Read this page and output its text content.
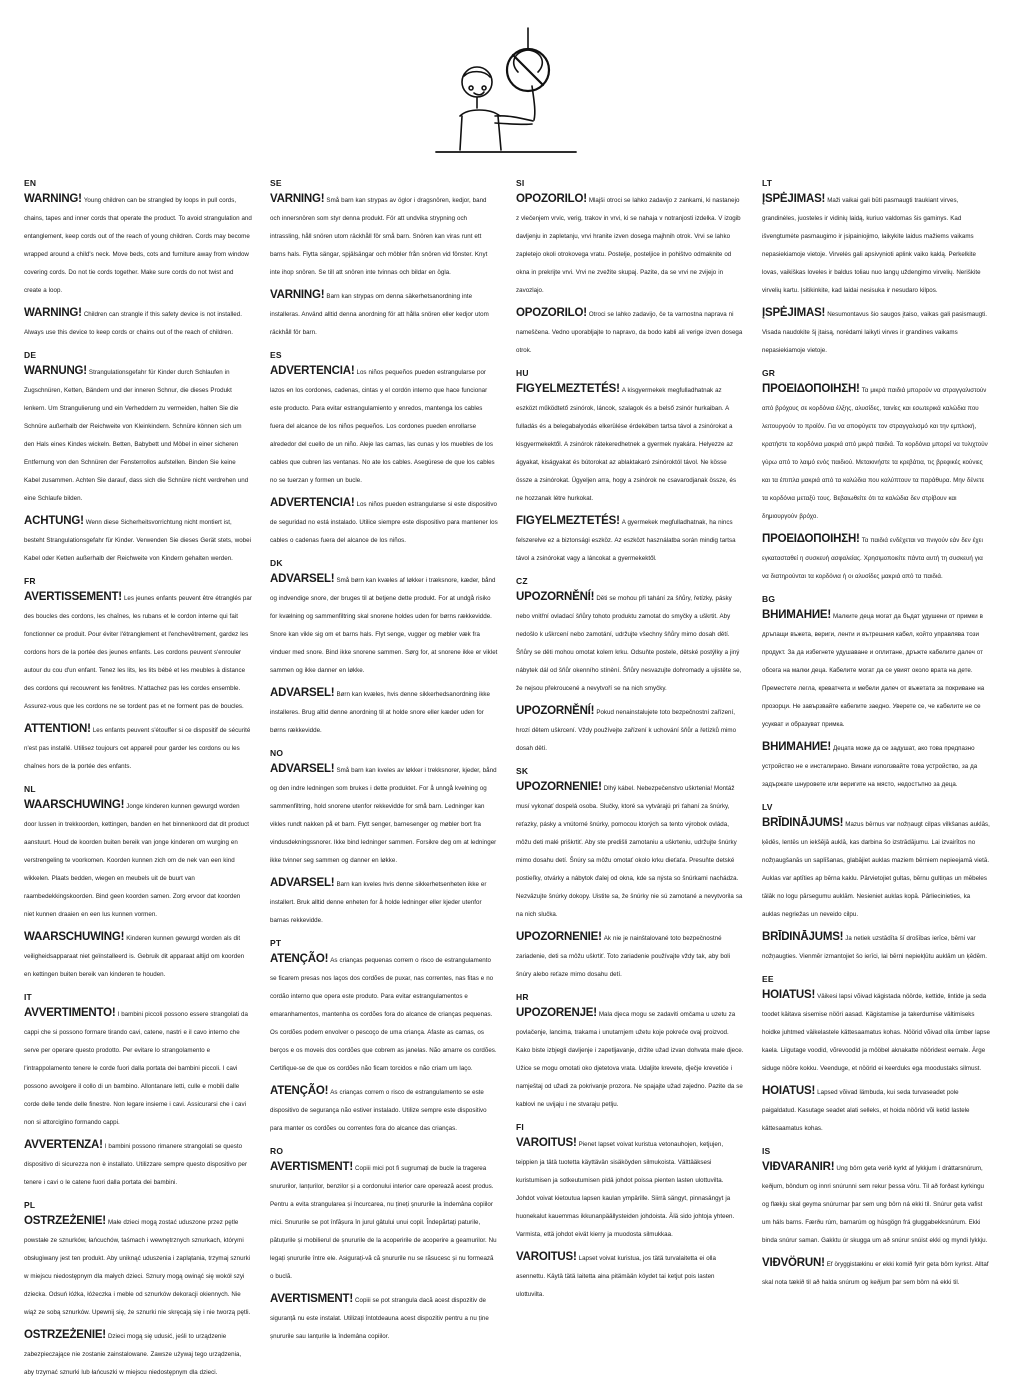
EN
WARNING! Young children can be strangled by loops in pull cords, chains, tapes and inner cords that operate the product. To avoid strangulation and entanglement, keep cords out of the reach of young children. Cords may become wrapped around a child's neck. Move beds, cots and furniture away from window covering cords. Do not tie cords together. Make sure cords do not twist and create a loop.
WARNING! Children can strangle if this safety device is not installed. Always use this device to keep cords or chains out of the reach of children.
DE
WARNUNG! Strangulationsgefahr für Kinder durch Schlaufen in Zugschnüren, Ketten, Bändern und der inneren Schnur, die dieses Produkt lenkern. Um Strangulierung und ein Verheddern zu vermeiden, halten Sie die Schnüre außerhalb der Reichweite von Kleinkindern. Schnüre können sich um den Hals eines Kindes wickeln. Betten, Babybett und Möbel in einer sicheren Entfernung von den Schnüren der Fensterrollos aufstellen. Binden Sie keine Kabel zusammen. Achten Sie darauf, dass sich die Schnüre nicht verdrehen und eine Schlaufe bilden.
ACHTUNG! Wenn diese Sicherheitsvorrichtung nicht montiert ist, besteht Strangulationsgefahr für Kinder. Verwenden Sie dieses Gerät stets, wobei Kabel oder Ketten außerhalb der Reichweite von Kindern gehalten werden.
FR
AVERTISSEMENT! Les jeunes enfants peuvent être étranglés par des boucles des cordons, les chaînes, les rubans et le cordon interne qui fait fonctionner ce produit. Pour éviter l'étranglement et l'enchevêtrement, gardez les cordons hors de la portée des jeunes enfants. Les cordons peuvent s'enrouler autour du cou d'un enfant. Tenez les lits, les lits bébé et les meubles à distance des cordons qui recouvrent les fenêtres. N'attachez pas les cordes ensemble. Assurez-vous que les cordons ne se tordent pas et ne forment pas de boucles.
ATTENTION! Les enfants peuvent s'étouffer si ce dispositif de sécurité n'est pas installé. Utilisez toujours cet appareil pour garder les cordons ou les chaînes hors de la portée des enfants.
NL
WAARSCHUWING! Jonge kinderen kunnen gewurgd worden door lussen in trekkoorden, kettingen, banden en het binnenkoord dat dit product aanstuurt. Houd de koorden buiten bereik van jonge kinderen om wurging en verstrengeling te voorkomen. Koorden kunnen zich om de nek van een kind wikkelen. Plaats bedden, wiegen en meubels uit de buurt van raambedekkingskoorden. Bind geen koorden samen. Zorg ervoor dat koorden niet kunnen draaien en een lus kunnen vormen.
WAARSCHUWING! Kinderen kunnen gewurgd worden als dit veiligheidsapparaat niet geïnstalleerd is. Gebruik dit apparaat altijd om koorden en kettingen buiten bereik van kinderen te houden.
IT
AVVERTIMENTO! I bambini piccoli possono essere strangolati da cappi che si possono formare tirando cavi, catene, nastri e il cavo interno che serve per operare questo prodotto. Per evitare lo strangolamento e l'intrappolamento tenere le corde fuori dalla portata dei bambini piccoli. I cavi possono avvolgere il collo di un bambino. Allontanare letti, culle e mobili dalle corde delle tende delle finestre. Non legare insieme i cavi. Assicurarsi che i cavi non si attorciglino formando cappi.
AVVERTENZA! I bambini possono rimanere strangolati se questo dispositivo di sicurezza non è installato. Utilizzare sempre questo dispositivo per tenere i cavi o le catene fuori dalla portata dei bambini.
PL
OSTRZEŻENIE! Małe dzieci mogą zostać uduszone przez pętle powstałe ze sznurków, łańcuchów, taśmach i wewnętrznych sznurkach, którymi obsługiwany jest ten produkt. Aby uniknąć uduszenia i zaplątania, trzymaj sznurki w miejscu niedostępnym dla małych dzieci. Sznury mogą owinąć się wokół szyi dziecka. Odsuń łóżka, łóżeczka i meble od sznurków dekoracji okiennych. Nie wiąż ze sobą sznurków. Upewnij się, że sznurki nie skręcają się i nie tworzą pętli.
OSTRZEŻENIE! Dzieci mogą się udusić, jeśli to urządzenie zabezpieczające nie zostanie zainstalowane. Zawsze używaj tego urządzenia, aby trzymać sznurki lub łańcuszki w miejscu niedostępnym dla dzieci.
SE
VARNING! Små barn kan strypas av öglor i dragsnören, kedjor, band och innersnören som styr denna produkt. För att undvika strypning och intrassling, håll snören utom räckhåll för små barn. Snören kan viras runt ett barns hals. Flytta sängar, spjälsängar och möbler från snören vid fönster. Knyt inte ihop snören. Se till att snören inte tvinnas och bildar en ögla.
VARNING! Barn kan strypas om denna säkerhetsanordning inte installeras. Använd alltid denna anordning för att hålla snören eller kedjor utom räckhåll för barn.
ES
ADVERTENCIA! Los niños pequeños pueden estrangularse por lazos en los cordones, cadenas, cintas y el cordón interno que hace funcionar este producto. Para evitar estrangulamiento y enredos, mantenga los cables fuera del alcance de los niños pequeños. Los cordones pueden enrollarse alrededor del cuello de un niño. Aleje las camas, las cunas y los muebles de los cables que cubren las ventanas. No ate los cables. Asegúrese de que los cables no se tuerzan y formen un bucle.
ADVERTENCIA! Los niños pueden estrangularse si este dispositivo de seguridad no está instalado. Utilice siempre este dispositivo para mantener los cables o cadenas fuera del alcance de los niños.
DK
ADVARSEL! Små børn kan kvæles af løkker i træksnore, kæder, bånd og indvendige snore, der bruges til at betjene dette produkt. For at undgå risiko for kvælning og sammenfiltring skal snorene holdes uden for børns rækkevidde. Snore kan vikle sig om et barns hals. Flyt senge, vugger og møbler væk fra vinduer med snore. Bind ikke snorene sammen. Sørg for, at snorene ikke er viklet sammen og ikke danner en løkke.
ADVARSEL! Børn kan kvæles, hvis denne sikkerhedsanordning ikke installeres. Brug altid denne anordning til at holde snore eller kæder uden for børns rækkevidde.
NO
ADVARSEL! Små barn kan kveles av løkker i trekksnorer, kjeder, bånd og den indre ledningen som brukes i dette produktet. For å unngå kvelning og sammenfiltring, hold snorene utenfor rekkevidde for små barn. Ledninger kan vikles rundt nakken på et barn. Flytt senger, barnesenger og møbler bort fra vindusdekningssnorer. Ikke bind ledninger sammen. Forsikre deg om at ledninger ikke tvinner seg sammen og danner en løkke.
ADVARSEL! Barn kan kveles hvis denne sikkerhetsenheten ikke er installert. Bruk alltid denne enheten for å holde ledninger eller kjeder utenfor barnas rekkevidde.
PT
ATENÇÃO! As crianças pequenas correm o risco de estrangulamento se ficarem presas nos laços dos cordões de puxar, nas correntes, nas fitas e no cordão interno que opera este produto. Para evitar estrangulamentos e emaranhamentos, mantenha os cordões fora do alcance de crianças pequenas. Os cordões podem envolver o pescoço de uma criança. Afaste as camas, os berços e os moveis dos cordões que cobrem as janelas. Não amarre os cordões. Certifique-se de que os cordões não ficam torcidos e não criam um laço.
ATENÇÃO! As crianças correm o risco de estrangulamento se este dispositivo de segurança não estiver instalado. Utilize sempre este dispositivo para manter os cordões ou correntes fora do alcance das crianças.
RO
AVERTISMENT! Copiii mici pot fi sugrumați de bucle la tragerea snururilor, lanțurilor, benzilor și a cordonului interior care operează acest produs. Pentru a evita strangularea și încurcarea, nu țineți șnururile la îndemâna copiilor mici. Snururile se pot înfășura în jurul gâtului unui copil. Îndepărtați paturile, pătuțurile și mobilierul de șnururile de la acoperirile de acoperire a geamurilor. Nu legați șnururile între ele. Asigurați-vă că șnururile nu se răsucesc și nu formează o buclă.
AVERTISMENT! Copiii se pot strangula dacă acest dispozitiv de siguranță nu este instalat. Utilizați întotdeauna acest dispozitiv pentru a nu ține șnururile sau lanțurile la îndemâna copiilor.
SI
OPOZORILO! Mlajši otroci se lahko zadavijo z zankami, ki nastanejo z vlečenjem vrvic, verig, trakov in vrvi, ki se nahaja v notranjosti izdelka. V izogib davljenju in zapletanju, vrvi hranite izven dosega majhnih otrok. Vrvi se lahko zapletejo okoli otrokovega vratu. Postelje, posteljice in pohištvo odmaknite od okna in prekrijte vrvi. Vrvi ne zvežite skupaj. Pazite, da se vrvi ne zvijejo in zavozlajo.
OPOZORILO! Otroci se lahko zadavijo, če ta varnostna naprava ni nameščena. Vedno uporabljajte to napravo, da bodo kabli ali verige izven dosega otrok.
HU
FIGYELMEZTETÉS! A kisgyermekek megfulladhatnak az eszközt működtető zsinórok, láncok, szalagok és a belső zsinór hurkaiban. A fulladás és a belegabalyodás elkerülése érdekében tartsa távol a zsinórokat a kisgyermekektől. A zsinórok rátekeredhetnek a gyermek nyakára. Helyezze az ágyakat, kiságyakat és bútorokat az ablaktakaró zsinóroktól távol. Ne kösse össze a zsinórokat. Ügyeljen arra, hogy a zsinórok ne csavarodjanak össze, és ne hozzanak létre hurkokat.
FIGYELMEZTETÉS! A gyermekek megfulladhatnak, ha nincs felszerelve ez a biztonsági eszköz. Az eszközt használatba során mindig tartsa távol a zsinórokat vagy a láncokat a gyermekektől.
CZ
UPOZORNĚNÍ! Děti se mohou při tahání za šňůry, řetízky, pásky nebo vnitřní ovladací šňůry tohoto produktu zamotat do smyčky a uškrtit. Aby nedošlo k uškrcení nebo zamotání, udržujte všechny šňůry mimo dosah dětí. Šňůry se děti mohou omotat kolem krku. Odsuňte postele, dětské postýlky a jiný nábytek dál od šňůr okenního stínění. Šňůry nesvazujte dohromady a ujistěte se, že nejsou překroucené a nevytvoří se na nich smyčky.
UPOZORNĚNÍ! Pokud nenainstalujete toto bezpečnostní zařízení, hrozí dětem uškrcení. Vždy používejte zařízení k uchování šňůr a řetízků mimo dosah dětí.
SK
UPOZORNENIE! Dlhý kábel. Nebezpečenstvo uškrtenia! Montáž musí vykonať dospelá osoba. Slučky, ktoré sa vytvárajú pri ťahaní za šnúrky, reťazky, pásky a vnútorné šnúrky, pomocou ktorých sa tento výrobok ovláda, môžu deti malé priškrtiť. Aby ste predišli zamotaniu a uškrteniu, udržujte šnúrky mimo dosahu detí. Šnúry sa môžu omotať okolo krku dieťaťa. Presuňte detské postieľky, otvárky a nábytok ďalej od okna, kde sa nýsta so šnúrkami nachádza. Nezväzujte šnúrky dokopy. Uistite sa, že šnúrky nie sú zamotané a nevytvorila sa na nich slučka.
UPOZORNENIE! Ak nie je nainštalované toto bezpečnostné zariadenie, deti sa môžu uškrtiť. Toto zariadenie používajte vždy tak, aby boli šnúry alebo reťaze mimo dosahu detí.
HR
UPOZORENJE! Mala djeca mogu se zadaviti omčama u uzetu za povlačenje, lancima, trakama i unutarnjem užetu koje pokreće ovaj proizvod. Kako biste izbjegli davljenje i zapetljavanje, držite užad izvan dohvata male djece. Užice se mogu omotati oko djetetova vrata. Udaljite krevete, dječje krevetiće i namještaj od užadi za pokrivanje prozora. Ne spajajte užad zajedno. Pazite da se kablovi ne uvijaju i ne stvaraju petlju.
FI
VAROITUS! Pienet lapset voivat kuristua vetonauhojen, ketjujen, teippien ja tätä tuotetta käyttävän sisäköyden silmukoista. Välttääksesi kuristumisen ja sotkeutumisen pidä johdot poissa pienten lasten ulottuvilta. Johdot voivat kietoutua lapsen kaulan ympärille. Siirrä sängyt, pinnasängyt ja huonekalut kauemmas ikkunanpäällysteiden johdoista. Älä sido johtoja yhteen. Varmista, että johdot eivät kierry ja muodosta silmukkaa.
VAROITUS! Lapset voivat kuristua, jos tätä turvalaitetta ei olla asennettu. Käytä tätä laitetta aina pitämään köydet tai ketjut pois lasten ulottuvilta.
LT
ĮSPĖJIMAS! Maži vaikai gali būti pasmaugti traukiant virves, grandinėles, juosteles ir vidinių laidą, kuriuo valdomas šis gaminys. Kad išvengtumėte pasmaugimo ir įsipainiojimo, laikykite laidus mažiems vaikams nepasiekiamoje vietoje. Virvelės gali apsivynioti aplink vaiko kaklą. Perkelkite lovas, vaikiškas loveles ir baldus toliau nuo langų uždengimo virvelių. Neriškite virvelių kartu. Įsitikinkite, kad laidai nesisuka ir nesudaro kilpos.
ĮSPĖJIMAS! Nesumontavus šio saugos įtaiso, vaikas gali pasismaugti. Visada naudokite šį įtaisą, norėdami laikyti virves ir grandines vaikams nepasiekiamoje vietoje.
GR
ΠΡΟΕΙΔΟΠΟΙΗΣΗ! Τα μικρά παιδιά μπορούν να στραγγαλιστούν από βρόχους σε κορδόνια έλξης, αλυσίδες, ταινίες και εσωτερικά καλώδια που λειτουργούν το προϊόν. Για να αποφύγετε τον στραγγαλισμό και την εμπλοκή, κρατήστε τα κορδόνια μακριά από μικρά παιδιά. Τα κορδόνια μπορεί να τυλιχτούν γύρω από το λαιμό ενός παιδιού. Μετακινήστε τα κρεβάτια, τις βρεφικές κούνιες και τα έπιπλα μακριά από τα καλώδια που καλύπτουν τα παράθυρα. Μην δένετε τα κορδόνια μεταξύ τους. Βεβαιωθείτε ότι τα καλώδια δεν στρίβουν και δημιουργούν βρόχο.
ΠΡΟΕΙΔΟΠΟΙΗΣΗ! Τα παιδιά ενδέχεται να πνιγούν εάν δεν έχει εγκατασταθεί η συσκευή ασφαλείας. Χρησιμοποιείτε πάντα αυτή τη συσκευή για να διατηρούνται τα κορδόνια ή οι αλυσίδες μακριά από τα παιδιά.
BG
ВНИМАНИЕ! Малките деца могат да бъдат удушени от примки в дръпащи въжета, вериги, ленти и вътрешния кабел, който управлява този продукт. За да избегнете удушаване и оплитане, дръжте кабелите далеч от обсега на малки деца. Кабелите могат да се увият около врата на дете. Преместете легла, креватчета и мебели далеч от въжетата за покриване на прозорци. Не завързвайте кабелите заедно. Уверете се, че кабелите не се усукват и образуват примка.
ВНИМАНИЕ! Децата може да се задушат, ако това предпазно устройство не е инсталирано. Винаги използвайте това устройство, за да задържате шнуровете или веригите на място, недостъпно за деца.
LV
BRĪDINĀJUMS! Mazus bērnus var nožņaugt cilpas vilkšanas auklās, ķēdēs, lentēs un iekšējā auklā, kas darbina šo izstrādājumu. Lai izvairītos no nožņaugšanās un saplīšanas, glabājiet auklas maziem bērniem nepieejamā vietā. Auklas var aptīties ap bērna kaklu. Pārvietojiet gultas, bērnu gultiņas un mēbeles tālāk no logu pārsegumu auklām. Nesieniet auklas kopā. Pārliecinieties, ka auklas negriežas un neveido cilpu.
BRĪDINĀJUMS! Ja netiek uzstādīta šī drošības ierīce, bērni var nožņaugties. Vienmēr izmantojiet šo ierīci, lai bērni nepiekļūtu auklām un ķēdēm.
EE
HOIATUS! Väikesi lapsi võivad kägistada nöörde, kettide, lintide ja seda toodet käitava sisemise nööri aasad. Kägistamise ja takerdumise vältimiseks hoidke juhtmed väikelastele kättesaamatus kohas. Nöörid võivad olla ümber lapse kaela. Liigutage voodid, võrevoodid ja mööbel aknakatte nööridest eemale. Ärge siduge nööre kokku. Veenduge, et nöörid ei keerduks ega moodustaks silmust.
HOIATUS! Lapsed võivad lämbuda, kui seda turvaseadet pole paigaldatud. Kasutage seadet alati selleks, et hoida nöörid või ketid lastele kättesaamatus kohas.
IS
VIÐVARANIR! Ung börn geta verið kyrkt af lykkjum í dráttarsnúrum, keðjum, böndum og innri snúrunni sem rekur þessa vöru. Til að forðast kyrkingu og flækju skal geyma snúrurnar þar sem ung börn ná ekki til. Snúrur geta vafist um háls barns. Færðu rúm, barnarúm og húsgögn frá gluggabekksnúrum. Ekki binda snúrur saman. Gakktu úr skugga um að snúrur snúist ekki og myndi lykkju.
VIÐVÖRUN! Ef öryggistækinu er ekki komið fyrir geta börn kyrkst. Alltaf skal nota tækið til að halda snúrum og keðjum þar sem börn ná ekki til.
